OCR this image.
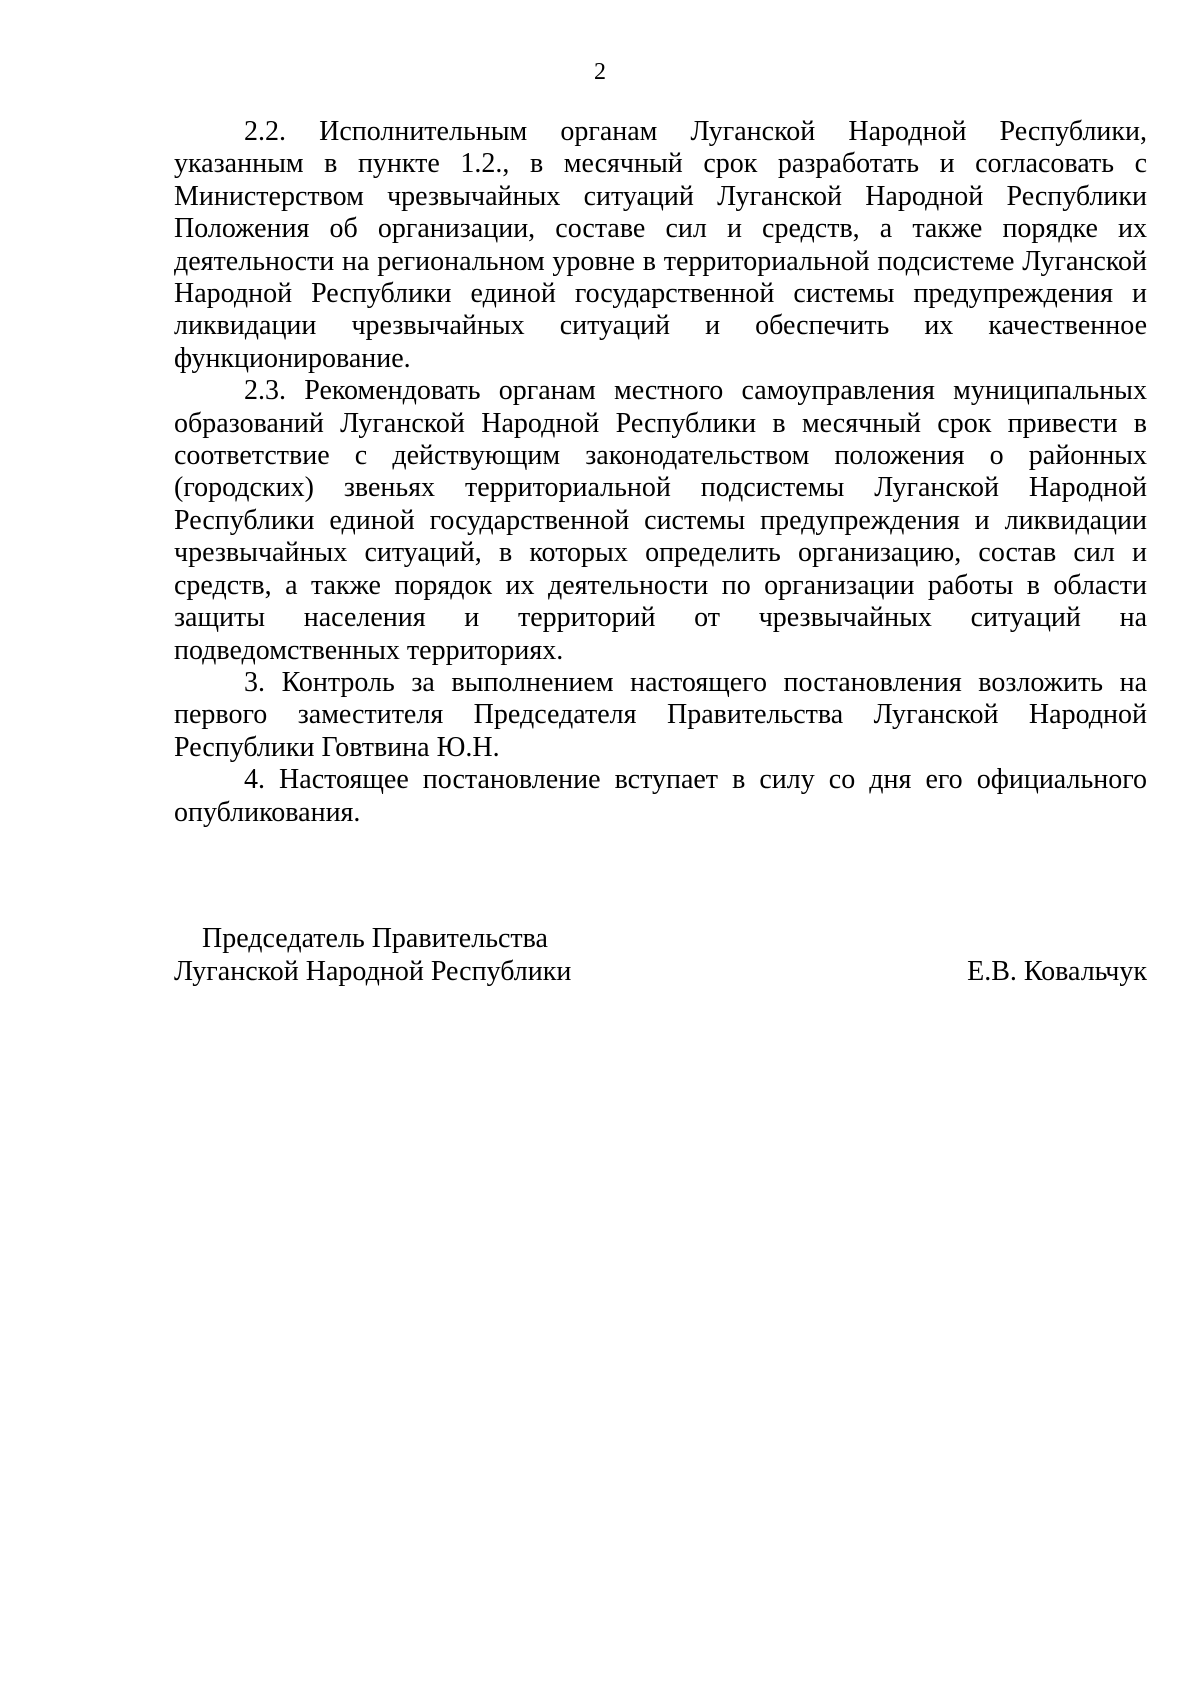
2

2.2. Исполнительным органам Луганской Народной Республики, указанным в пункте 1.2., в месячный срок разработать и согласовать с Министерством чрезвычайных ситуаций Луганской Народной Республики Положения об организации, составе сил и средств, а также порядке их деятельности на региональном уровне в территориальной подсистеме Луганской Народной Республики единой государственной системы предупреждения и ликвидации чрезвычайных ситуаций и обеспечить их качественное функционирование.

2.3. Рекомендовать органам местного самоуправления муниципальных образований Луганской Народной Республики в месячный срок привести в соответствие с действующим законодательством положения о районных (городских) звеньях территориальной подсистемы Луганской Народной Республики единой государственной системы предупреждения и ликвидации чрезвычайных ситуаций, в которых определить организацию, состав сил и средств, а также порядок их деятельности по организации работы в области защиты населения и территорий от чрезвычайных ситуаций на подведомственных территориях.

3. Контроль за выполнением настоящего постановления возложить на первого заместителя Председателя Правительства Луганской Народной Республики Говтвина Ю.Н.

4. Настоящее постановление вступает в силу со дня его официального опубликования.

Председатель Правительства
Луганской Народной Республики	Е.В. Ковальчук
